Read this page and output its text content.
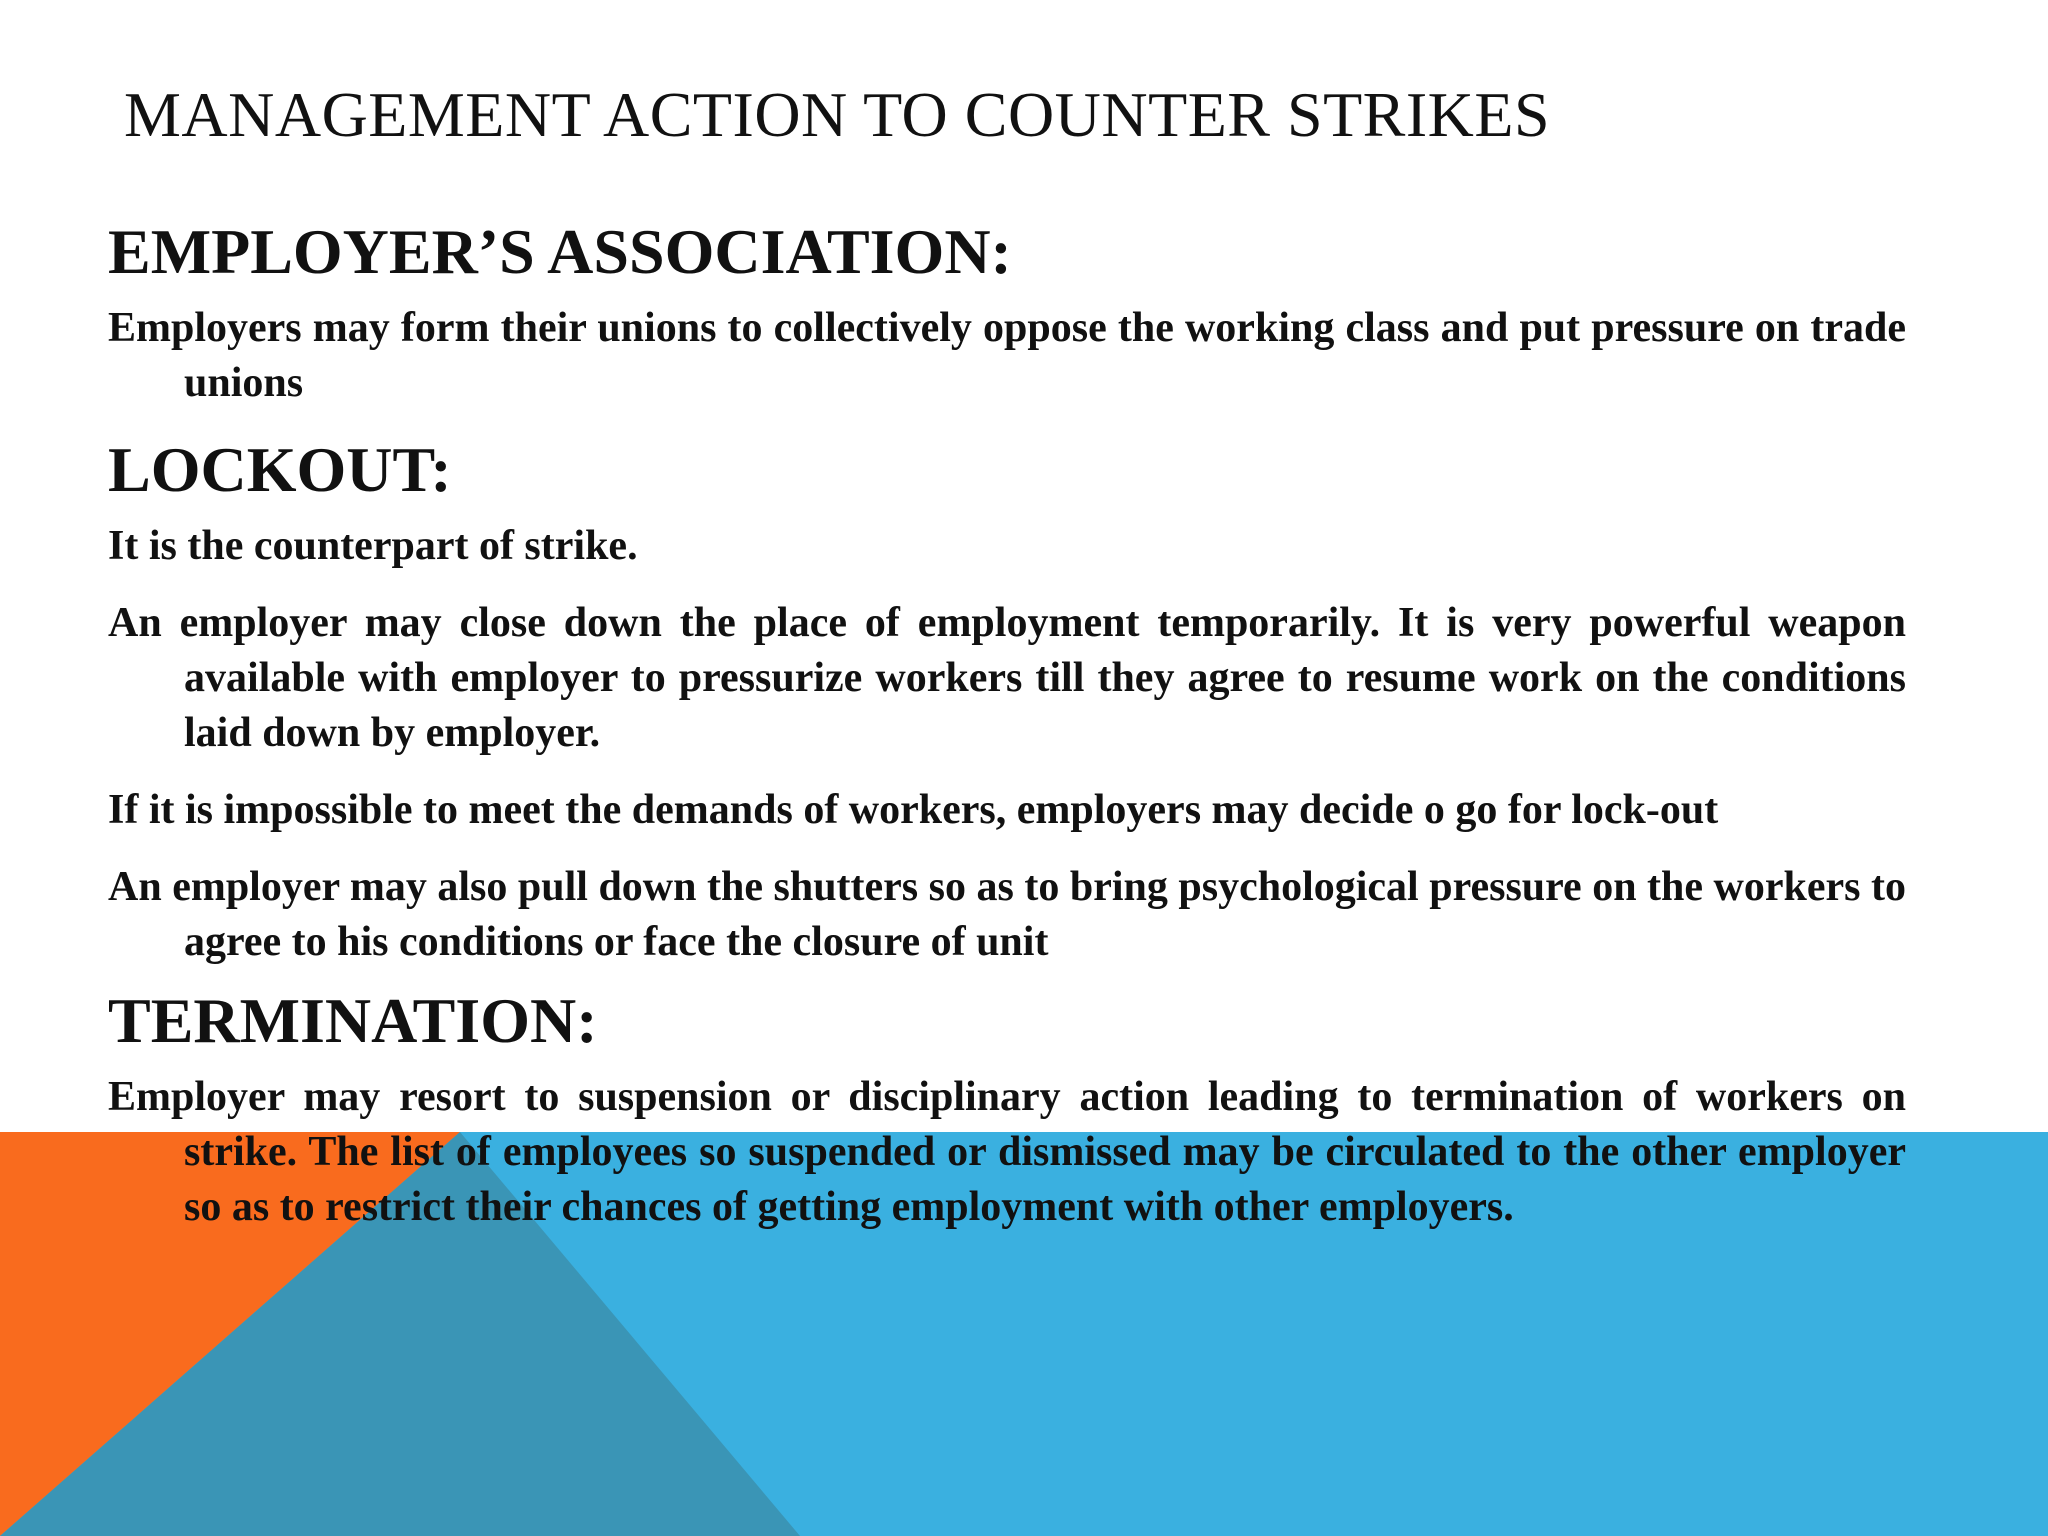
MANAGEMENT ACTION TO COUNTER STRIKES
EMPLOYER’S ASSOCIATION:

Employers may form their unions to collectively oppose the working class and put pressure on trade unions

LOCKOUT:

It is the counterpart of strike.

An employer may close down the place of employment temporarily. It is very powerful weapon available with employer to pressurize workers till they agree to resume work on the conditions laid down by employer.

If it is impossible to meet the demands of workers, employers may decide o go for lock-out

An employer may also pull down the shutters so as to bring psychological pressure on the workers to agree to his conditions or face the closure of unit

TERMINATION:

Employer may resort to suspension or disciplinary action leading to termination of workers on strike. The list of employees so suspended or dismissed may be circulated to the other employer so as to restrict their chances of getting employment with other employers.
